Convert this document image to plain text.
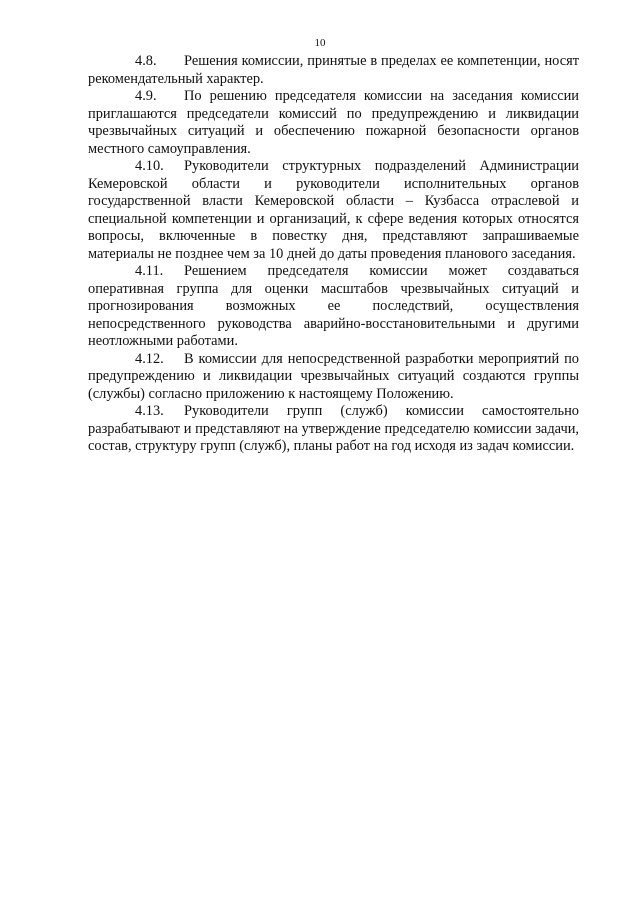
10

4.8. Решения комиссии, принятые в пределах ее компетенции, носят рекомендательный характер.

4.9. По решению председателя комиссии на заседания комиссии приглашаются председатели комиссий по предупреждению и ликвидации чрезвычайных ситуаций и обеспечению пожарной безопасности органов местного самоуправления.

4.10. Руководители структурных подразделений Администрации Кемеровской области и руководители исполнительных органов государственной власти Кемеровской области – Кузбасса отраслевой и специальной компетенции и организаций, к сфере ведения которых относятся вопросы, включенные в повестку дня, представляют запрашиваемые материалы не позднее чем за 10 дней до даты проведения планового заседания.

4.11. Решением председателя комиссии может создаваться оперативная группа для оценки масштабов чрезвычайных ситуаций и прогнозирования возможных ее последствий, осуществления непосредственного руководства аварийно-восстановительными и другими неотложными работами.

4.12. В комиссии для непосредственной разработки мероприятий по предупреждению и ликвидации чрезвычайных ситуаций создаются группы (службы) согласно приложению к настоящему Положению.

4.13. Руководители групп (служб) комиссии самостоятельно разрабатывают и представляют на утверждение председателю комиссии задачи, состав, структуру групп (служб), планы работ на год исходя из задач комиссии.
